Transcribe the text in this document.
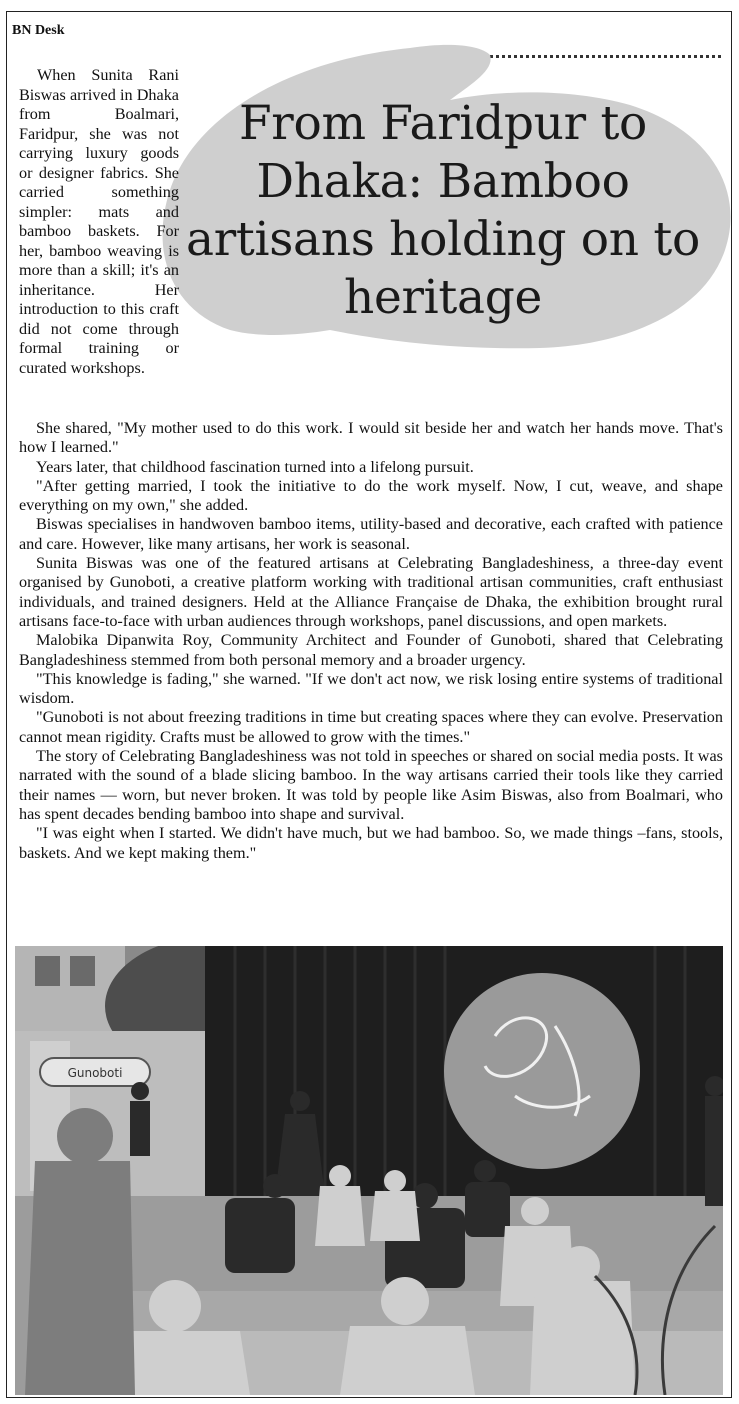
BN Desk
From Faridpur to Dhaka: Bamboo artisans holding on to heritage

When Sunita Rani Biswas arrived in Dhaka from Boalmari, Faridpur, she was not carrying luxury goods or designer fabrics. She carried something simpler: mats and bamboo baskets. For her, bamboo weaving is more than a skill; it's an inheritance. Her introduction to this craft did not come through formal training or curated workshops.

She shared, "My mother used to do this work. I would sit beside her and watch her hands move. That's how I learned."

Years later, that childhood fascination turned into a lifelong pursuit.

"After getting married, I took the initiative to do the work myself. Now, I cut, weave, and shape everything on my own," she added.

Biswas specialises in handwoven bamboo items, utility-based and decorative, each crafted with patience and care. However, like many artisans, her work is seasonal.

Sunita Biswas was one of the featured artisans at Celebrating Bangladeshiness, a three-day event organised by Gunoboti, a creative platform working with traditional artisan communities, craft enthusiast individuals, and trained designers. Held at the Alliance Française de Dhaka, the exhibition brought rural artisans face-to-face with urban audiences through workshops, panel discussions, and open markets.

Malobika Dipanwita Roy, Community Architect and Founder of Gunoboti, shared that Celebrating Bangladeshiness stemmed from both personal memory and a broader urgency.

"This knowledge is fading," she warned. "If we don't act now, we risk losing entire systems of traditional wisdom.

"Gunoboti is not about freezing traditions in time but creating spaces where they can evolve. Preservation cannot mean rigidity. Crafts must be allowed to grow with the times."

The story of Celebrating Bangladeshiness was not told in speeches or shared on social media posts. It was narrated with the sound of a blade slicing bamboo. In the way artisans carried their tools like they carried their names — worn, but never broken. It was told by people like Asim Biswas, also from Boalmari, who has spent decades bending bamboo into shape and survival.

"I was eight when I started. We didn't have much, but we had bamboo. So, we made things –fans, stools, baskets. And we kept making them."

Gunoboti
